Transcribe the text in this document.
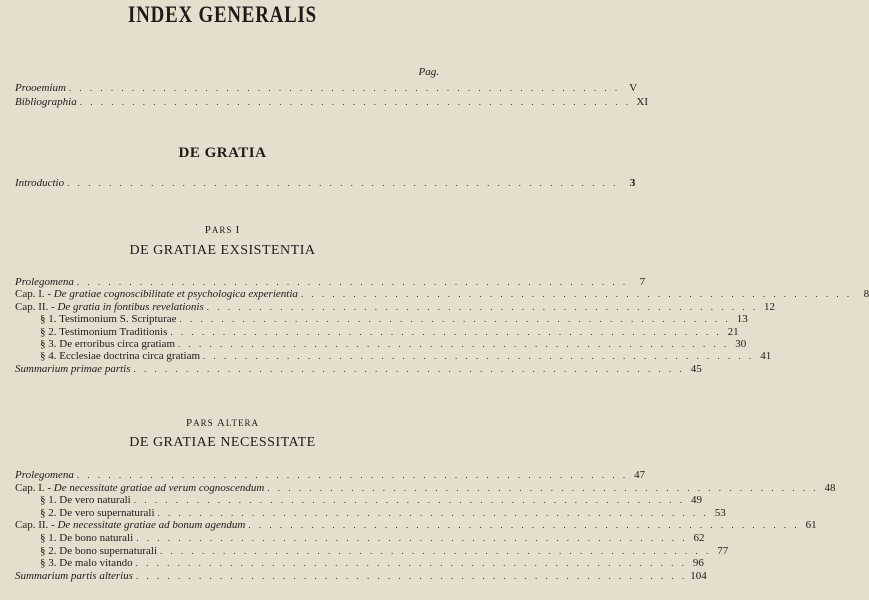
INDEX GENERALIS
Pag.
Prooemium . . . . . . . . . . . . . . . . . . . . . . . . . . . . . . . . . . . . . . . . . . . . . . . . . . . . . V
Bibliographia . . . . . . . . . . . . . . . . . . . . . . . . . . . . . . . . . . . . . . . . . . . . . . . . . . . . . XI
DE GRATIA
Introductio . . . . . . . . . . . . . . . . . . . . . . . . . . . . . . . . . . . . . . . . . . . . . . . . . . . . .	3
PARS I
DE GRATIAE EXSISTENTIA
Prolegomena . . . . . . . . . . . . . . . . . . . . . . . . . . . . . . . . . . . . . . . . . . . . . . . . . . . . .	7
Cap. I. - De gratiae cognoscibilitate et psychologica experientia . . . . . . . . . . . . . . . . . . . . . . . . . . . . . . . . . . . . . . . . . . . . . . . . . . . . .	8
Cap. II. - De gratia in fontibus revelationis . . . . . . . . . . . . . . . . . . . . . . . . . . . . . . . . . . . . . . . . . . . . . . . . . . . . . 12
§ 1. Testimonium S. Scripturae . . . . . . . . . . . . . . . . . . . . . . . . . . . . . . . . . . . . . . . . . . . . . . . . . . . . . 13
§ 2. Testimonium Traditionis . . . . . . . . . . . . . . . . . . . . . . . . . . . . . . . . . . . . . . . . . . . . . . . . . . . . . 21
§ 3. De erroribus circa gratiam . . . . . . . . . . . . . . . . . . . . . . . . . . . . . . . . . . . . . . . . . . . . . . . . . . . . . 30
§ 4. Ecclesiae doctrina circa gratiam . . . . . . . . . . . . . . . . . . . . . . . . . . . . . . . . . . . . . . . . . . . . . . . . . . . . . 41
Summarium primae partis . . . . . . . . . . . . . . . . . . . . . . . . . . . . . . . . . . . . . . . . . . . . . . . . . . . . . 45
PARS ALTERA
DE GRATIAE NECESSITATE
Prolegomena . . . . . . . . . . . . . . . . . . . . . . . . . . . . . . . . . . . . . . . . . . . . . . . . . . . . . 47
Cap. I. - De necessitate gratiae ad verum cognoscendum . . . . . . . . . . . . . . . . . . . . . . . . . . . . . . . . . . . . . . . . . . . . . . . . . . . . . 48
§ 1. De vero naturali . . . . . . . . . . . . . . . . . . . . . . . . . . . . . . . . . . . . . . . . . . . . . . . . . . . . . 49
§ 2. De vero supernaturali . . . . . . . . . . . . . . . . . . . . . . . . . . . . . . . . . . . . . . . . . . . . . . . . . . . . . 53
Cap. II. - De necessitate gratiae ad bonum agendum . . . . . . . . . . . . . . . . . . . . . . . . . . . . . . . . . . . . . . . . . . . . . . . . . . . . . 61
§ 1. De bono naturali . . . . . . . . . . . . . . . . . . . . . . . . . . . . . . . . . . . . . . . . . . . . . . . . . . . . . 62
§ 2. De bono supernaturali . . . . . . . . . . . . . . . . . . . . . . . . . . . . . . . . . . . . . . . . . . . . . . . . . . . . . 77
§ 3. De malo vitando . . . . . . . . . . . . . . . . . . . . . . . . . . . . . . . . . . . . . . . . . . . . . . . . . . . . . 96
Summarium partis alterius . . . . . . . . . . . . . . . . . . . . . . . . . . . . . . . . . . . . . . . . . . . . . . . . . . . . . 104
